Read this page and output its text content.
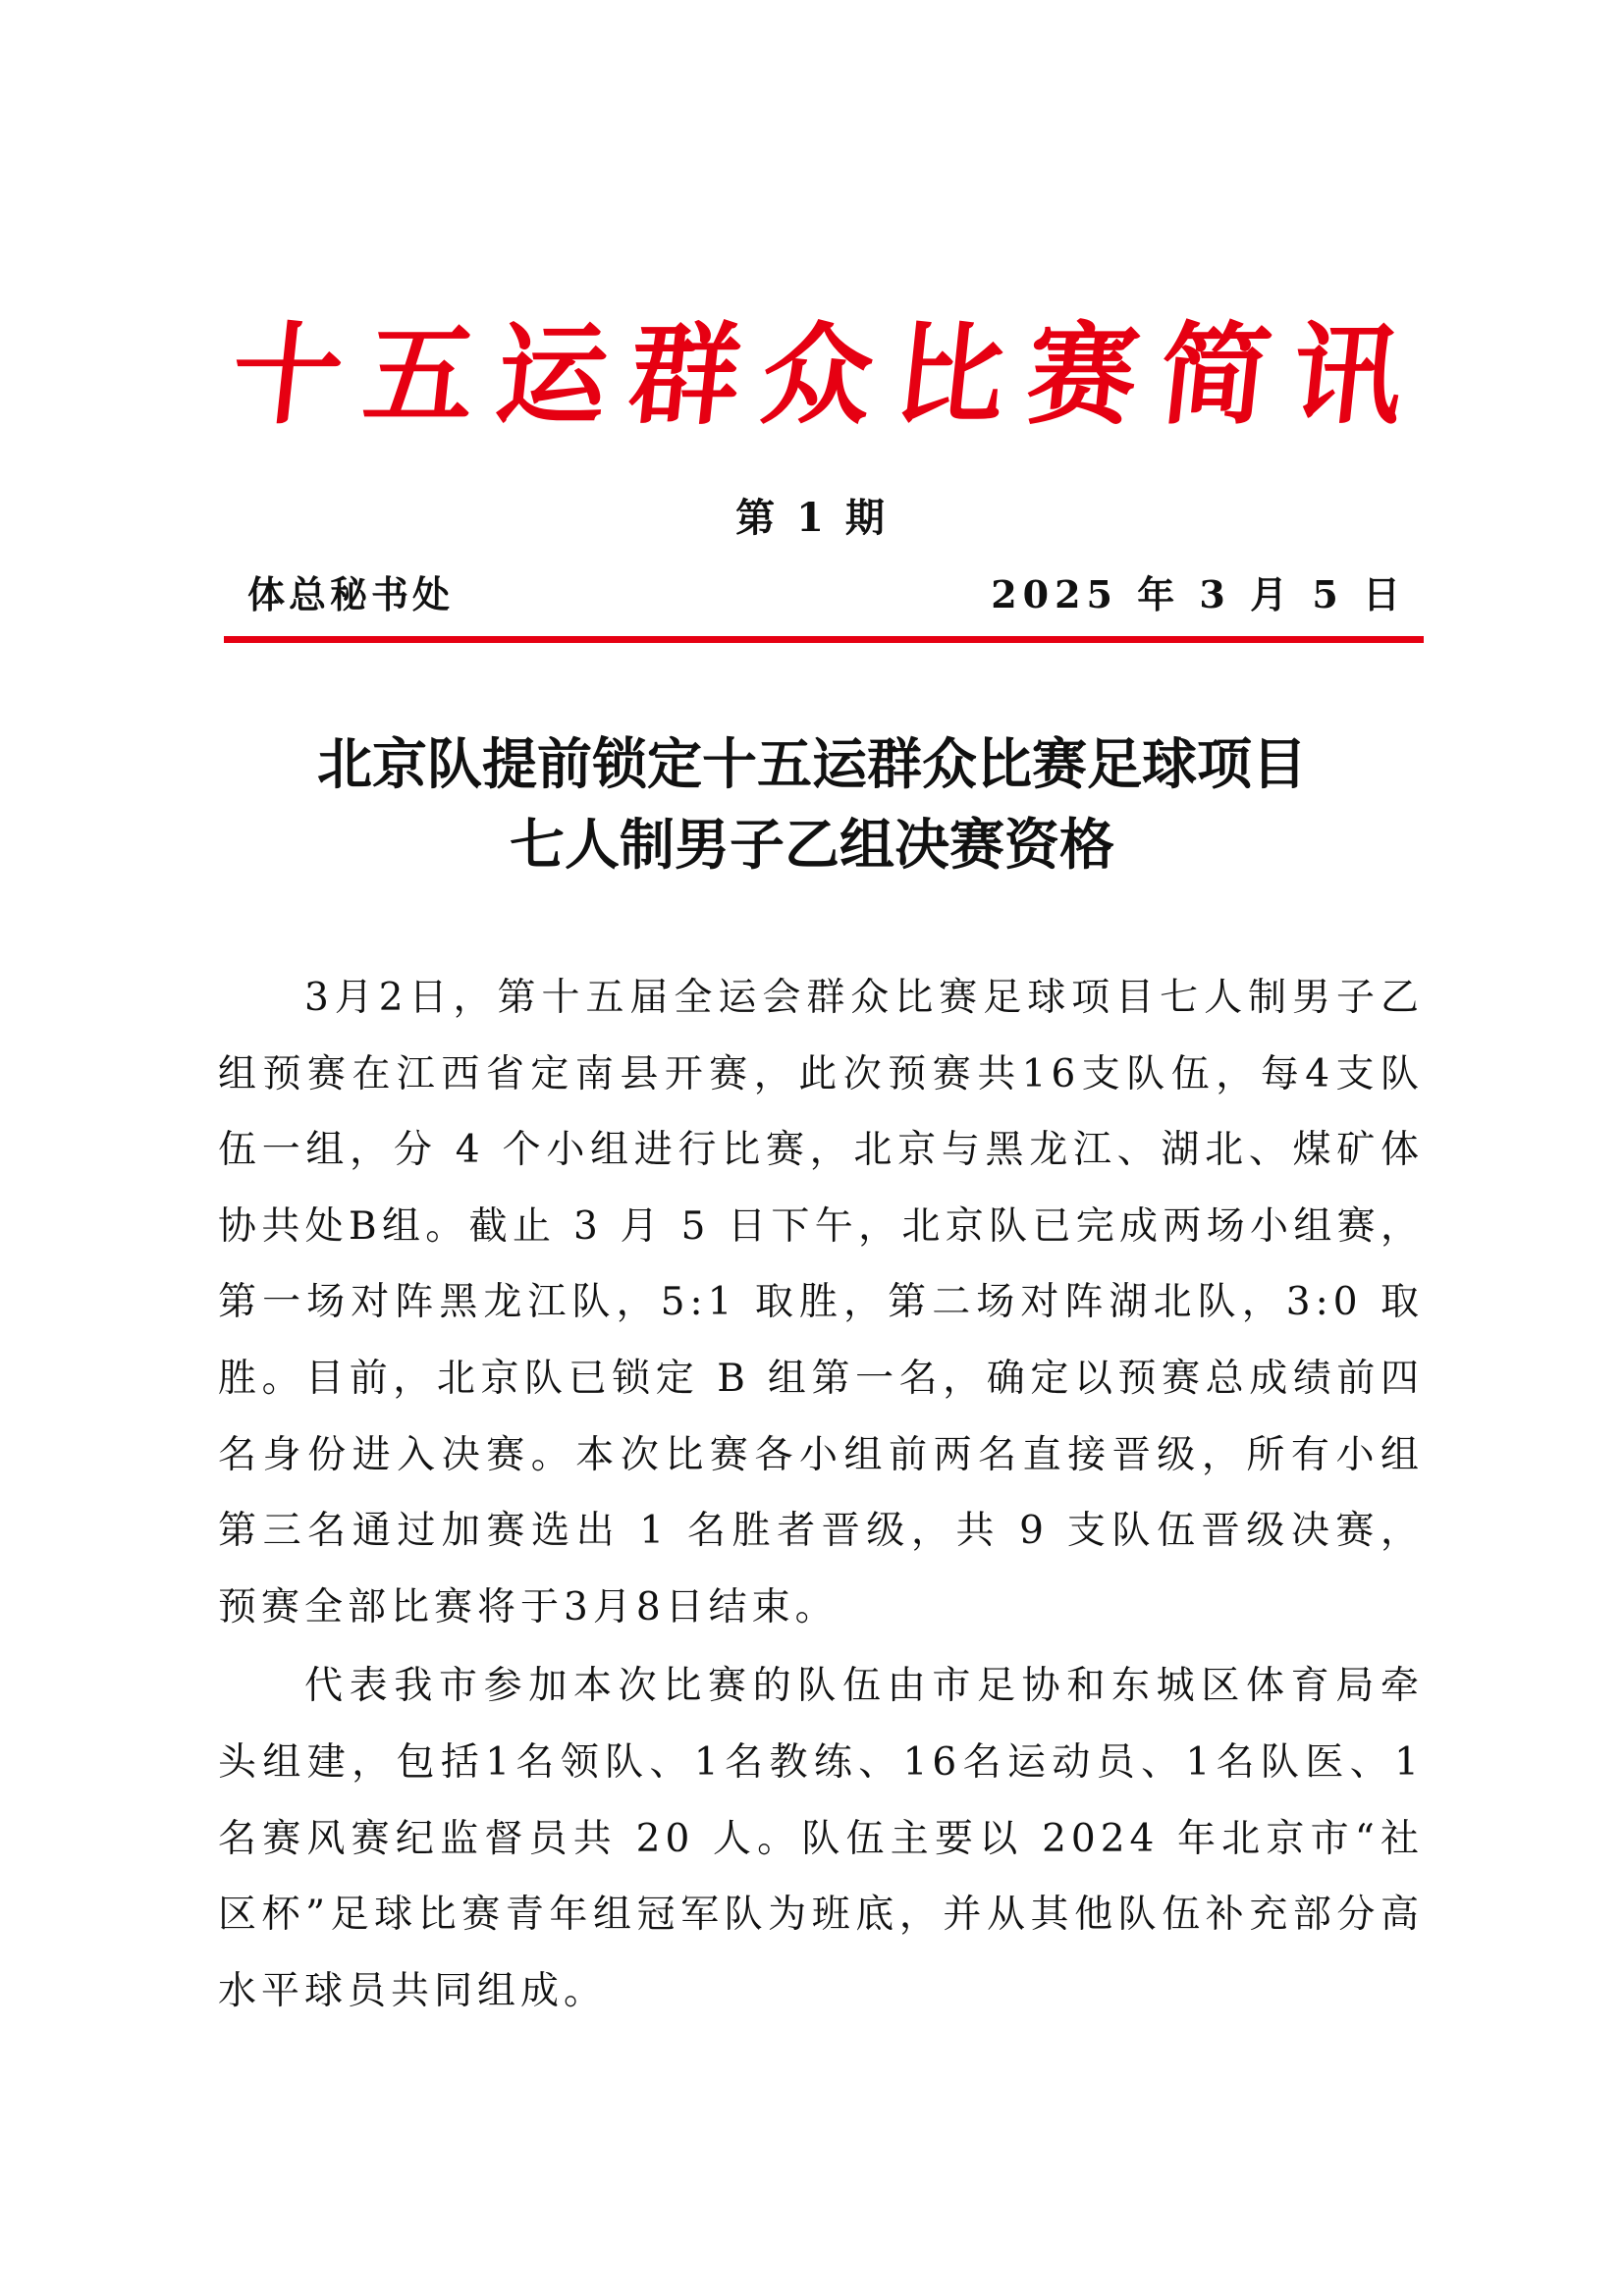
十五运群众比赛简讯
第 1 期
体总秘书处	2025 年 3 月 5 日
北京队提前锁定十五运群众比赛足球项目
七人制男子乙组决赛资格

3月2日，第十五届全运会群众比赛足球项目七人制男子乙组预赛在江西省定南县开赛，此次预赛共16支队伍，每4支队伍一组，分 4 个小组进行比赛，北京与黑龙江、湖北、煤矿体协共处B组。截止 3 月 5 日下午，北京队已完成两场小组赛，第一场对阵黑龙江队，5:1 取胜，第二场对阵湖北队，3:0 取胜。目前，北京队已锁定 B 组第一名，确定以预赛总成绩前四名身份进入决赛。本次比赛各小组前两名直接晋级，所有小组第三名通过加赛选出 1 名胜者晋级，共 9 支队伍晋级决赛，预赛全部比赛将于3月8日结束。

代表我市参加本次比赛的队伍由市足协和东城区体育局牵头组建，包括1名领队、1名教练、16名运动员、1名队医、1名赛风赛纪监督员共 20 人。队伍主要以 2024 年北京市“社区杯”足球比赛青年组冠军队为班底，并从其他队伍补充部分高水平球员共同组成。
